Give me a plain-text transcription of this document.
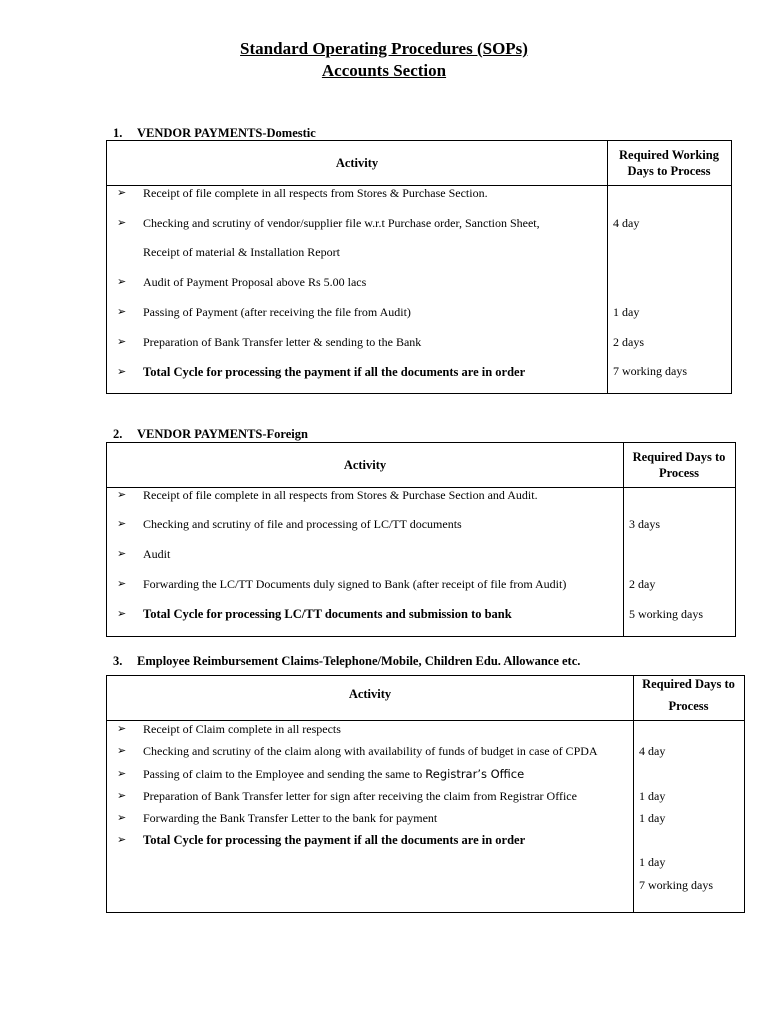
Standard Operating Procedures (SOPs)
Accounts Section
1. VENDOR PAYMENTS-Domestic
Activity
Required Working Days to Process
➢ Receipt of file complete in all respects from Stores & Purchase Section.
➢ Checking and scrutiny of vendor/supplier file w.r.t Purchase order, Sanction Sheet,
Receipt of material & Installation Report
➢ Audit of Payment Proposal above Rs 5.00 lacs
➢ Passing of Payment (after receiving the file from Audit)
➢ Preparation of Bank Transfer letter & sending to the Bank
➢ Total Cycle for processing the payment if all the documents are in order
4 day
1 day
2 days
7 working days
2. VENDOR PAYMENTS-Foreign
Activity
Required Days to Process
➢ Receipt of file complete in all respects from Stores & Purchase Section and Audit.
➢ Checking and scrutiny of file and processing of LC/TT documents
➢ Audit
➢ Forwarding the LC/TT Documents duly signed to Bank (after receipt of file from Audit)
➢ Total Cycle for processing LC/TT documents and submission to bank
3 days
2 day
5 working days
3. Employee Reimbursement Claims-Telephone/Mobile, Children Edu. Allowance etc.
Activity
Required Days to
Process
➢ Receipt of Claim complete in all respects
➢ Checking and scrutiny of the claim along with availability of funds of budget in case of CPDA
➢ Passing of claim to the Employee and sending the same to Registrar’s Office
➢ Preparation of Bank Transfer letter for sign after receiving the claim from Registrar Office
➢ Forwarding the Bank Transfer Letter to the bank for payment
➢ Total Cycle for processing the payment if all the documents are in order
4 day
1 day
1 day
1 day
7 working days
